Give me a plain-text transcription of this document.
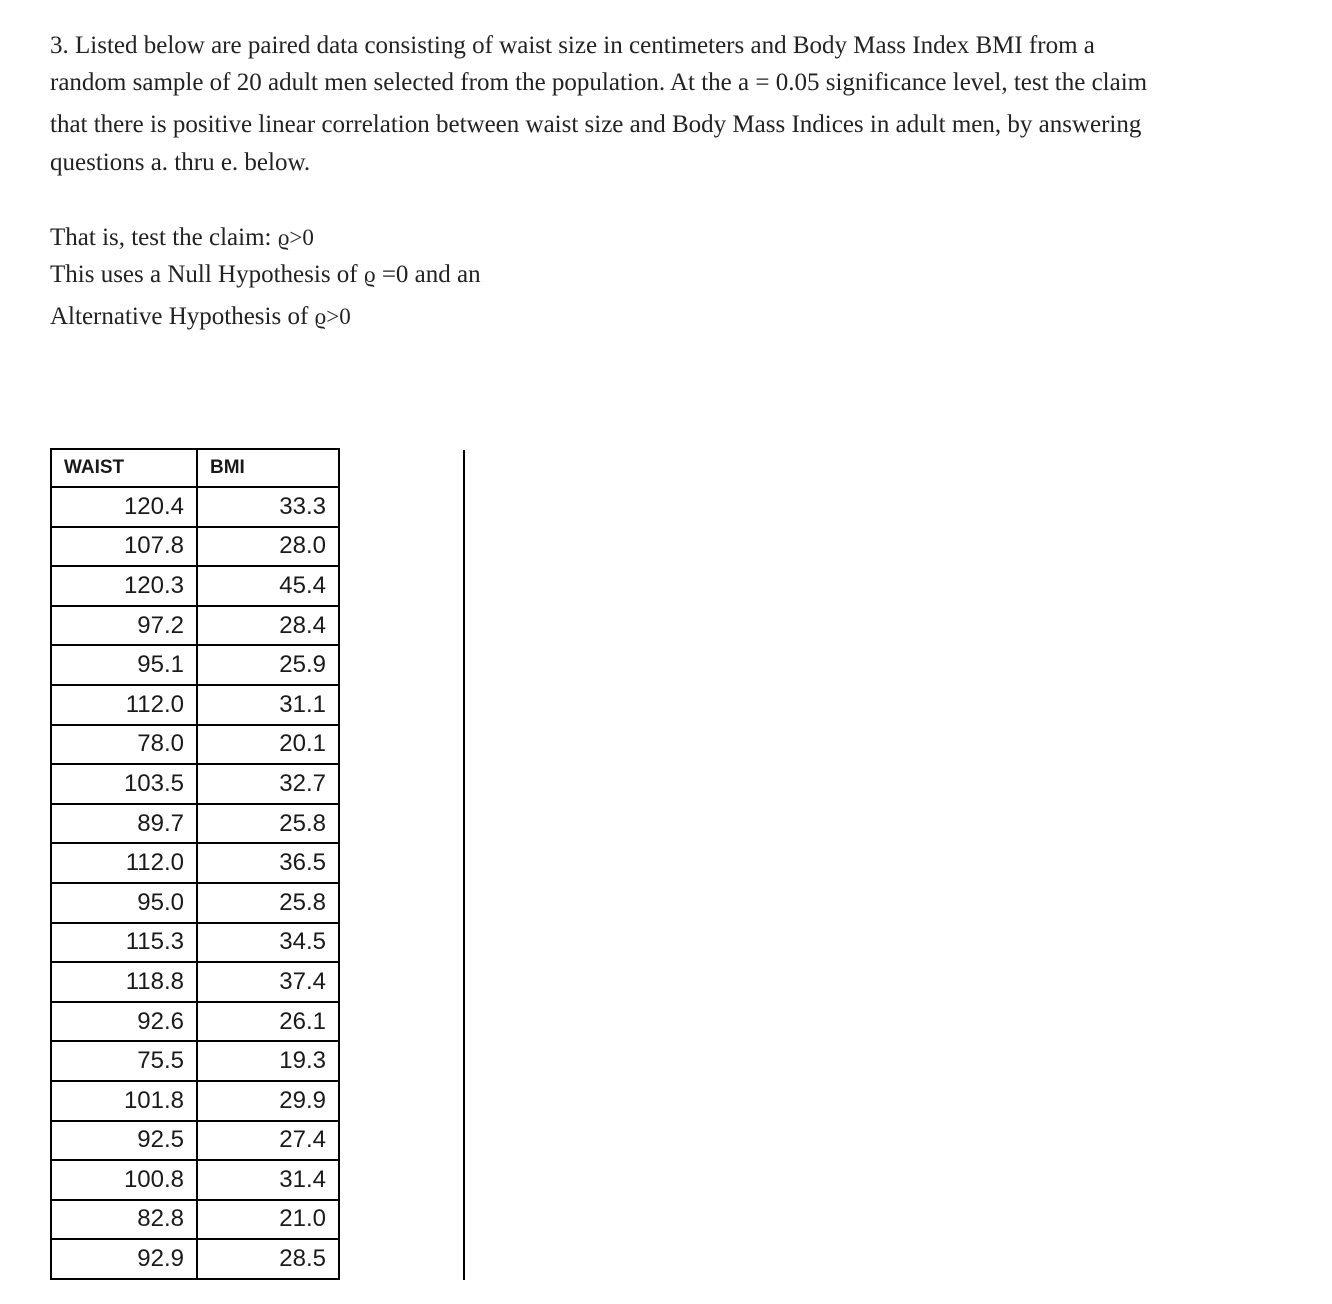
3. Listed below are paired data consisting of waist size in centimeters and Body Mass Index BMI from a
random sample of 20 adult men selected from the population. At the a = 0.05 significance level, test the claim
that there is positive linear correlation between waist size and Body Mass Indices in adult men, by answering
questions a. thru e. below.
That is, test the claim: ϱ>0
This uses a Null Hypothesis of ϱ =0 and an
Alternative Hypothesis of ϱ>0
WAIST	BMI
120.4	33.3
107.8	28.0
120.3	45.4
97.2	28.4
95.1	25.9
112.0	31.1
78.0	20.1
103.5	32.7
89.7	25.8
112.0	36.5
95.0	25.8
115.3	34.5
118.8	37.4
92.6	26.1
75.5	19.3
101.8	29.9
92.5	27.4
100.8	31.4
82.8	21.0
92.9	28.5
